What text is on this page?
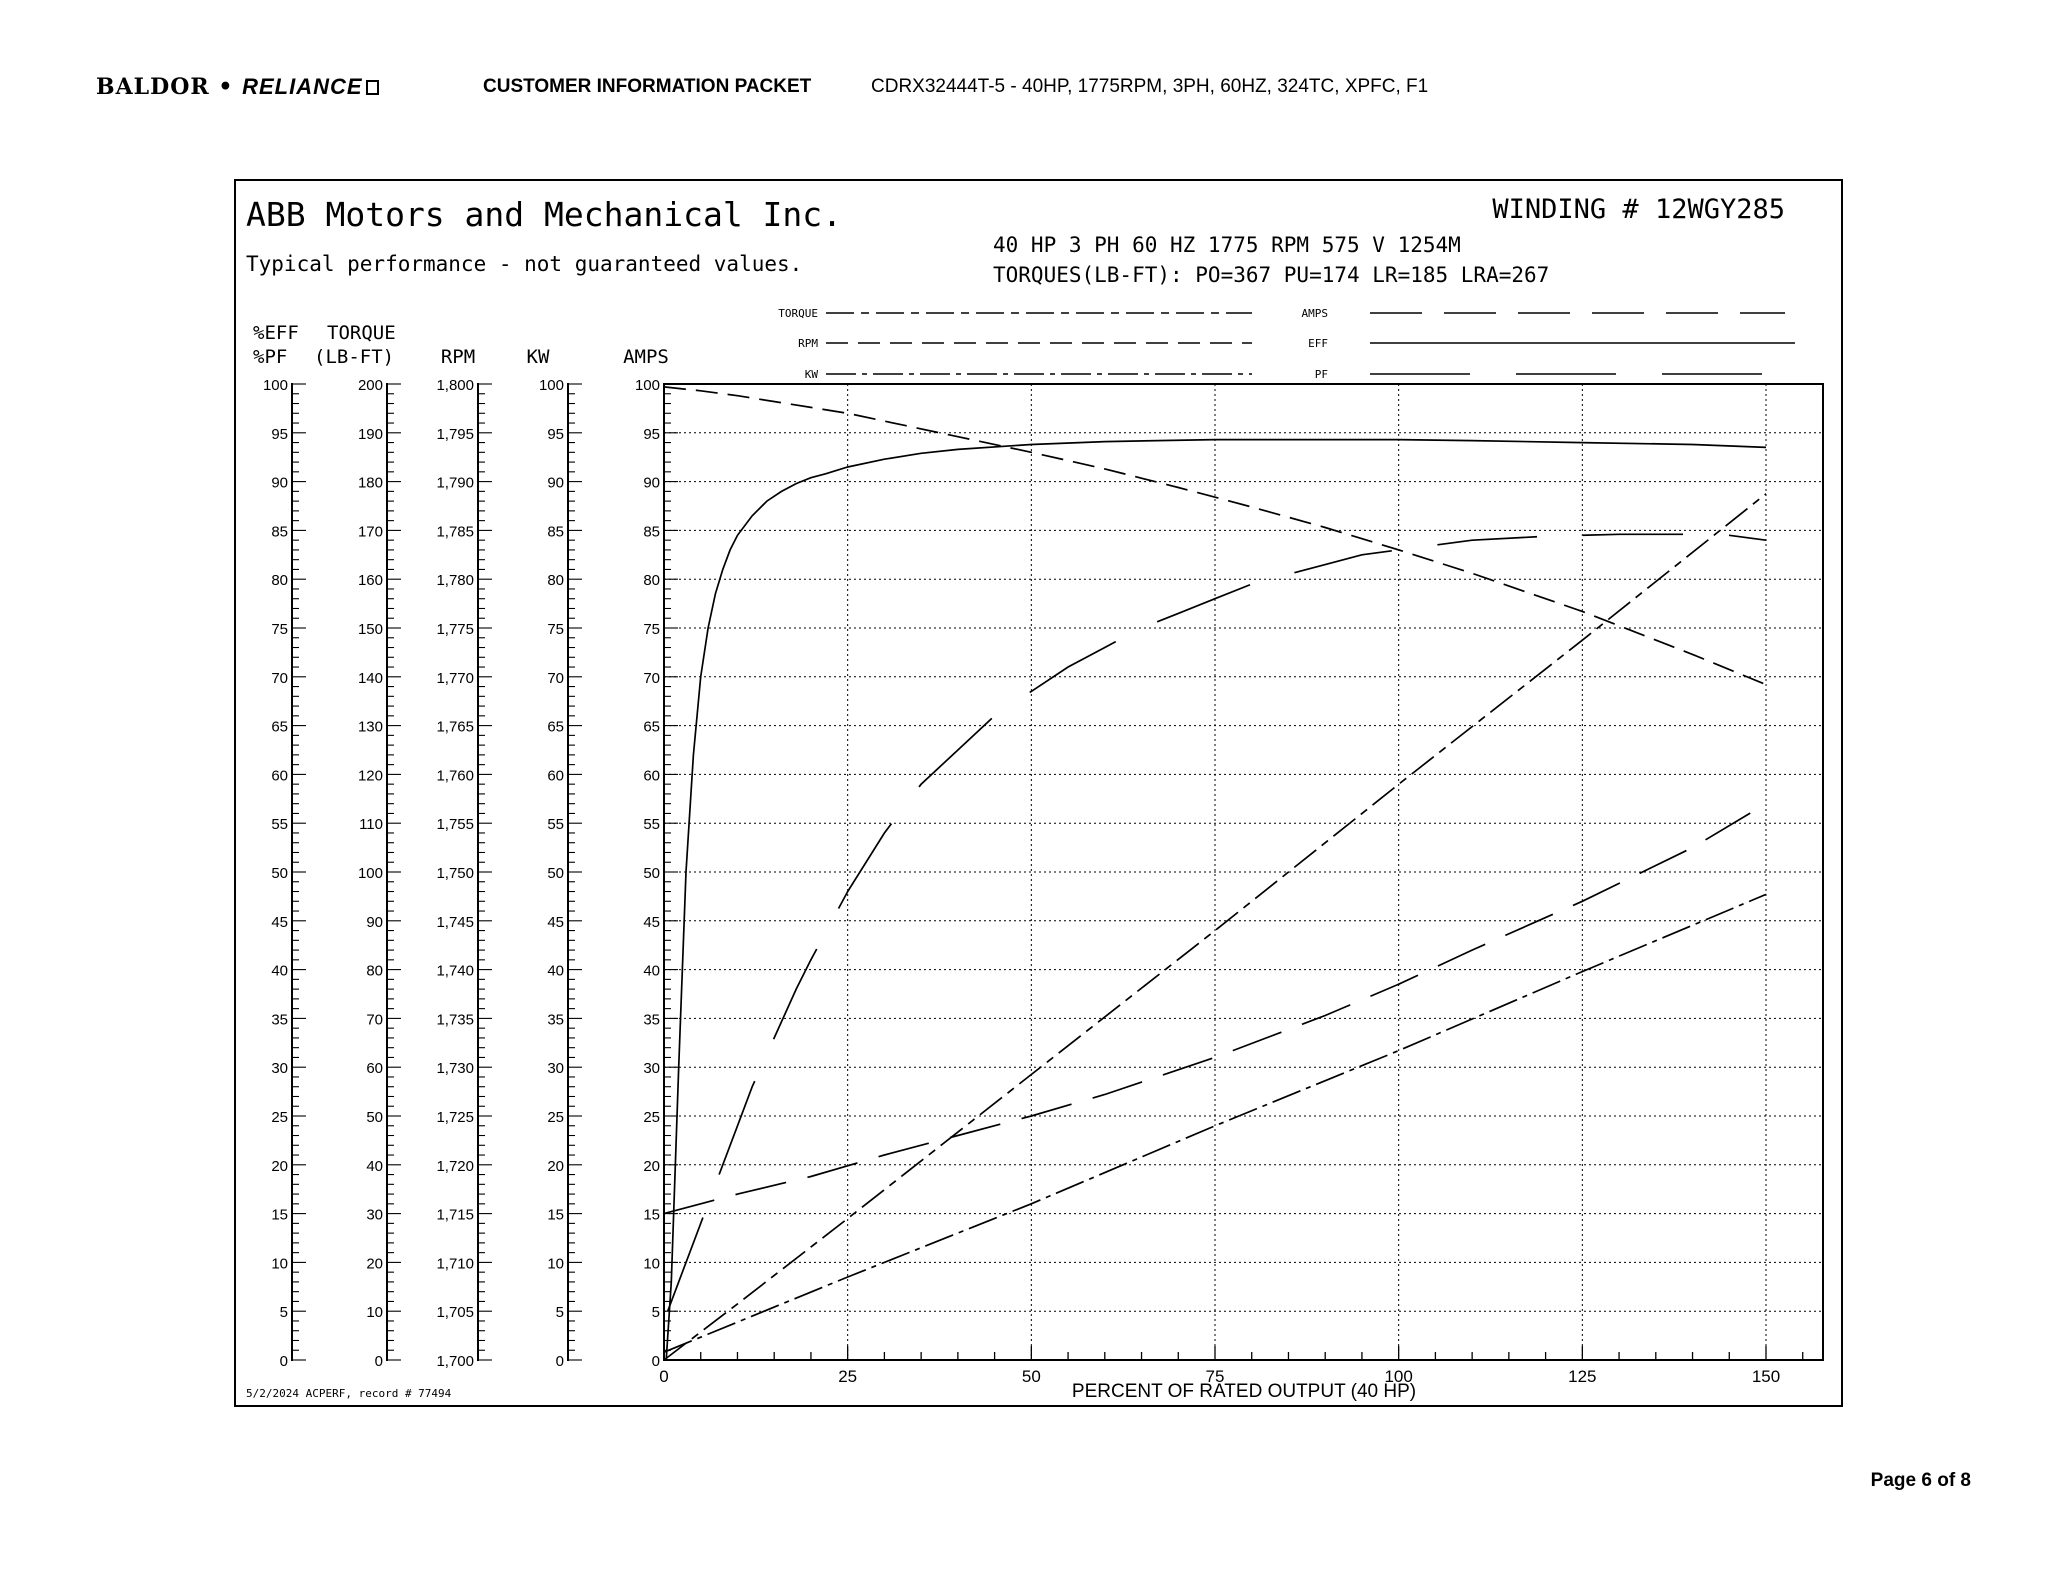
BALDOR • RELIANCE	CUSTOMER INFORMATION PACKET	CDRX32444T-5 - 40HP, 1775RPM, 3PH, 60HZ, 324TC, XPFC, F1
ABB Motors and Mechanical Inc.
Typical performance - not guaranteed values.
WINDING # 12WGY285
40 HP 3 PH 60 HZ 1775 RPM 575 V 1254M
TORQUES(LB-FT): PO=367 PU=174 LR=185 LRA=267
5/2/2024 ACPERF, record # 77494
TORQUE
RPM
KW
AMPS
EFF
PF
0	25	50	75	100	125	150
PERCENT OF RATED OUTPUT (40 HP)
100
95
90
85
80
75
70
65
60
55
50
45
40
35
30
25
20
15
10
5
0
200
190
180
170
160
150
140
130
120
110
100
90
80
70
60
50
40
30
20
10
0
1,800
1,795
1,790
1,785
1,780
1,775
1,770
1,765
1,760
1,755
1,750
1,745
1,740
1,735
1,730
1,725
1,720
1,715
1,710
1,705
1,700
100
95
90
85
80
75
70
65
60
55
50
45
40
35
30
25
20
15
10
5
0
100
95
90
85
80
75
70
65
60
55
50
45
40
35
30
25
20
15
10
5
0
%EFF
%PF
TORQUE
(LB-FT) RPM	KW	AMPS
Page 6 of 8
